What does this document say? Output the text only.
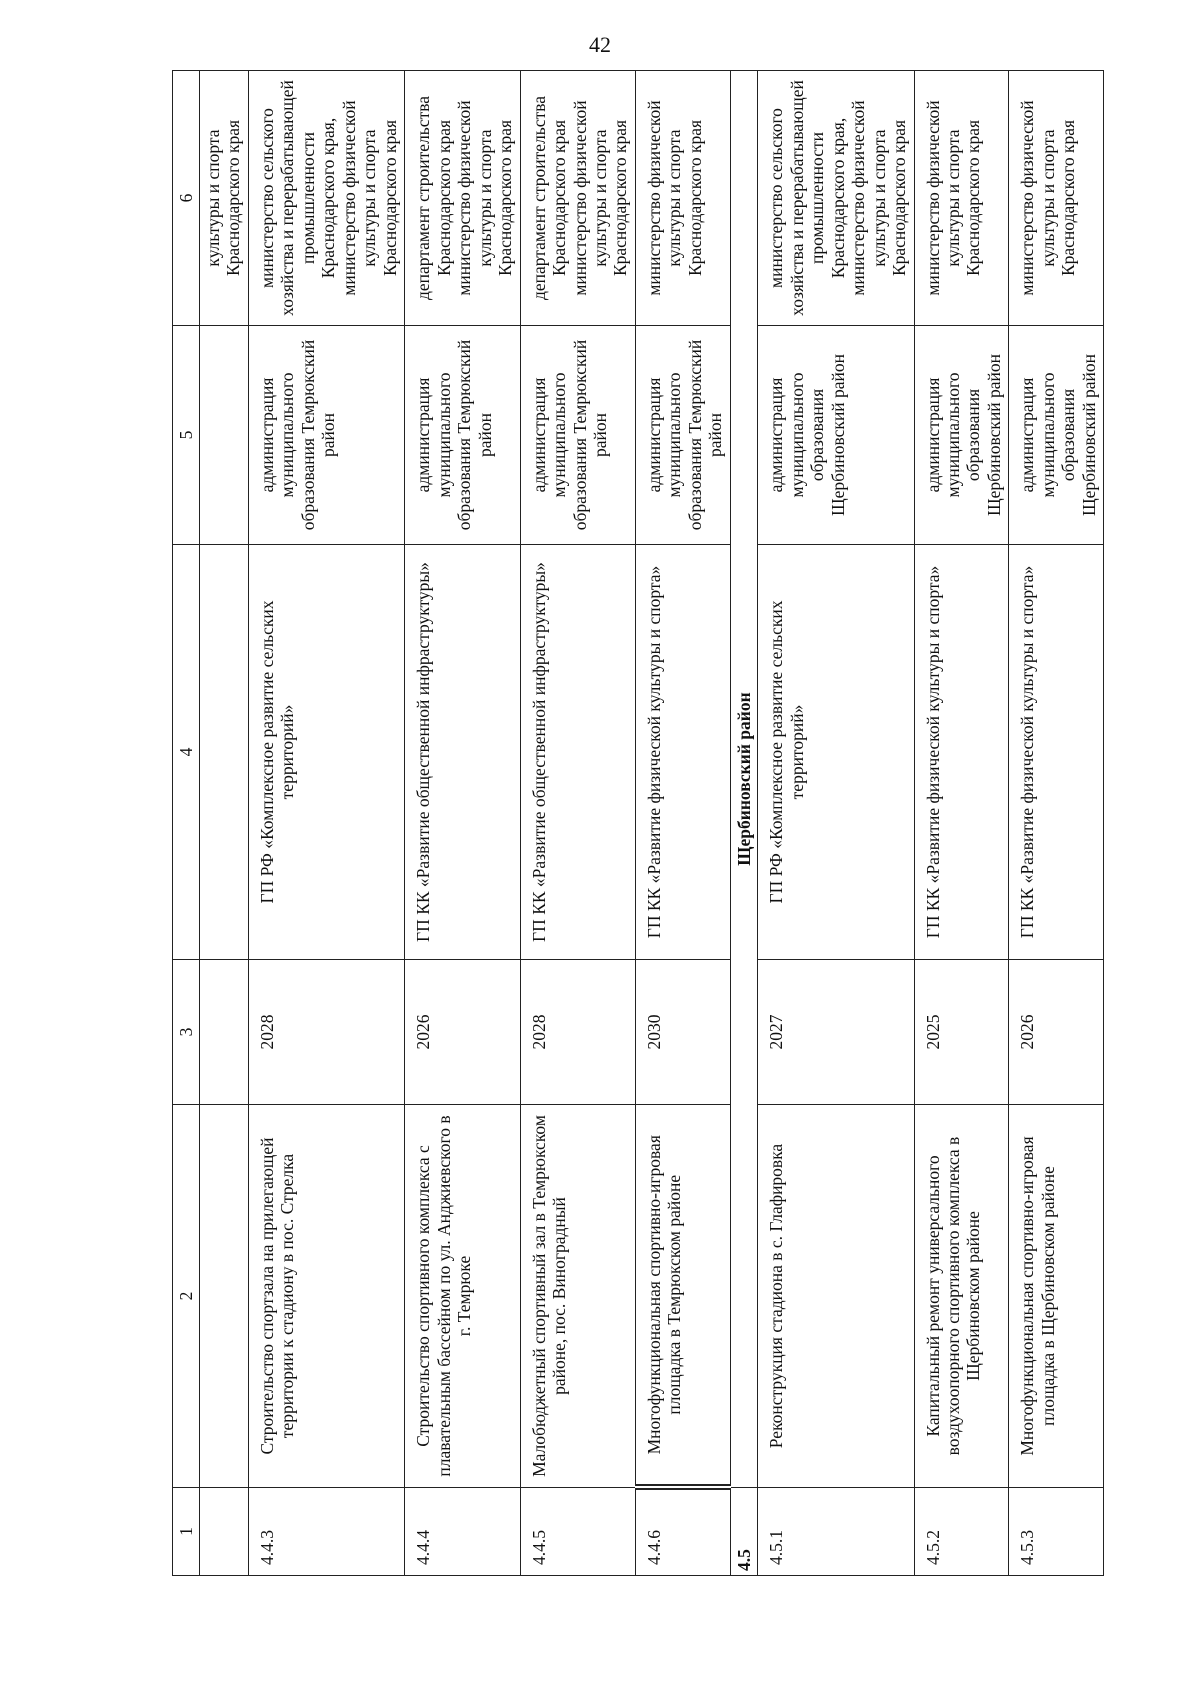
42
1	2	3	4	5	6
					культуры и спорта Краснодарского края
4.4.3	Строительство спортзала на прилегающей территории к стадиону в пос. Стрелка	2028	ГП РФ «Комплексное развитие сельских территорий»	администрация муниципального образования Темрюкский район	министерство сельского хозяйства и перерабатывающей промышленности Краснодарского края, министерство физической культуры и спорта Краснодарского края
4.4.4	Строительство спортивного комплекса с плавательным бассейном по ул. Анджиевского в г. Темрюке	2026	ГП КК «Развитие общественной инфраструктуры»	администрация муниципального образования Темрюкский район	департамент строительства Краснодарского края министерство физической культуры и спорта Краснодарского края
4.4.5	Малобюджетный спортивный зал в Темрюкском районе, пос. Виноградный	2028	ГП КК «Развитие общественной инфраструктуры»	администрация муниципального образования Темрюкский район	департамент строительства Краснодарского края министерство физической культуры и спорта Краснодарского края
4.4.6	Многофункциональная спортивно-игровая площадка в Темрюкском районе	2030	ГП КК «Развитие физической культуры и спорта»	администрация муниципального образования Темрюкский район	министерство физической культуры и спорта Краснодарского края
4.5	Щербиновский район				
4.5.1	Реконструкция стадиона в с. Глафировка	2027	ГП РФ «Комплексное развитие сельских территорий»	администрация муниципального образования Щербиновский район	министерство сельского хозяйства и перерабатывающей промышленности Краснодарского края, министерство физической культуры и спорта Краснодарского края
4.5.2	Капитальный ремонт универсального воздухоопорного спортивного комплекса в Щербиновском районе	2025	ГП КК «Развитие физической культуры и спорта»	администрация муниципального образования Щербиновский район	министерство физической культуры и спорта Краснодарского края
4.5.3	Многофункциональная спортивно-игровая площадка в Щербиновском районе	2026	ГП КК «Развитие физической культуры и спорта»	администрация муниципального образования Щербиновский район	министерство физической культуры и спорта Краснодарского края
